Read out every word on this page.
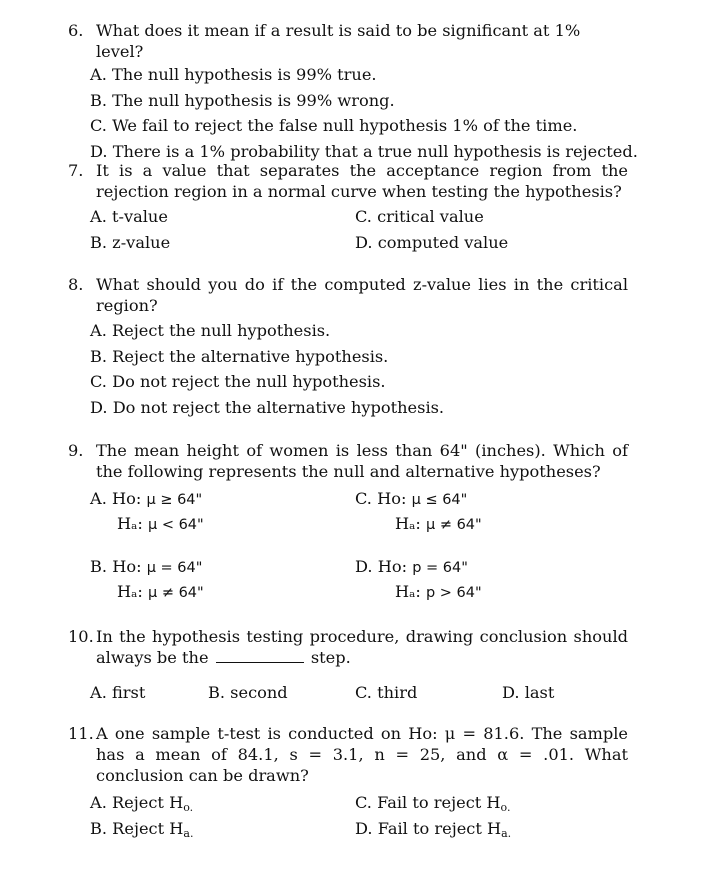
6. What does it mean if a result is said to be significant at 1% level?
A. The null hypothesis is 99% true.
B. The null hypothesis is 99% wrong.
C. We fail to reject the false null hypothesis 1% of the time.
D. There is a 1% probability that a true null hypothesis is rejected.
7. It is a value that separates the acceptance region from the rejection region in a normal curve when testing the hypothesis?
A. t-value	C. critical value
B. z-value	D. computed value
8. What should you do if the computed z-value lies in the critical region?
A. Reject the null hypothesis.
B. Reject the alternative hypothesis.
C. Do not reject the null hypothesis.
D. Do not reject the alternative hypothesis.
9. The mean height of women is less than 64" (inches). Which of the following represents the null and alternative hypotheses?
A. Ho: μ ≥ 64"
Hₐ: μ < 64"
C. Ho: μ ≤ 64"
Hₐ: μ ≠ 64"
B. Ho: μ = 64"
Hₐ: μ ≠ 64"
D. Ho: p = 64"
Hₐ: p > 64"
10. In the hypothesis testing procedure, drawing conclusion should always be the	step.
A. first	B. second	C. third	D. last
11. A one sample t-test is conducted on Ho: μ = 81.6. The sample has a mean of 84.1, s = 3.1, n = 25, and α = .01. What conclusion can be drawn?
A. Reject $H_{o.}$	C. Fail to reject $H_{o.}$
B. Reject $H_{a.}$	D. Fail to reject $H_{a.}$
